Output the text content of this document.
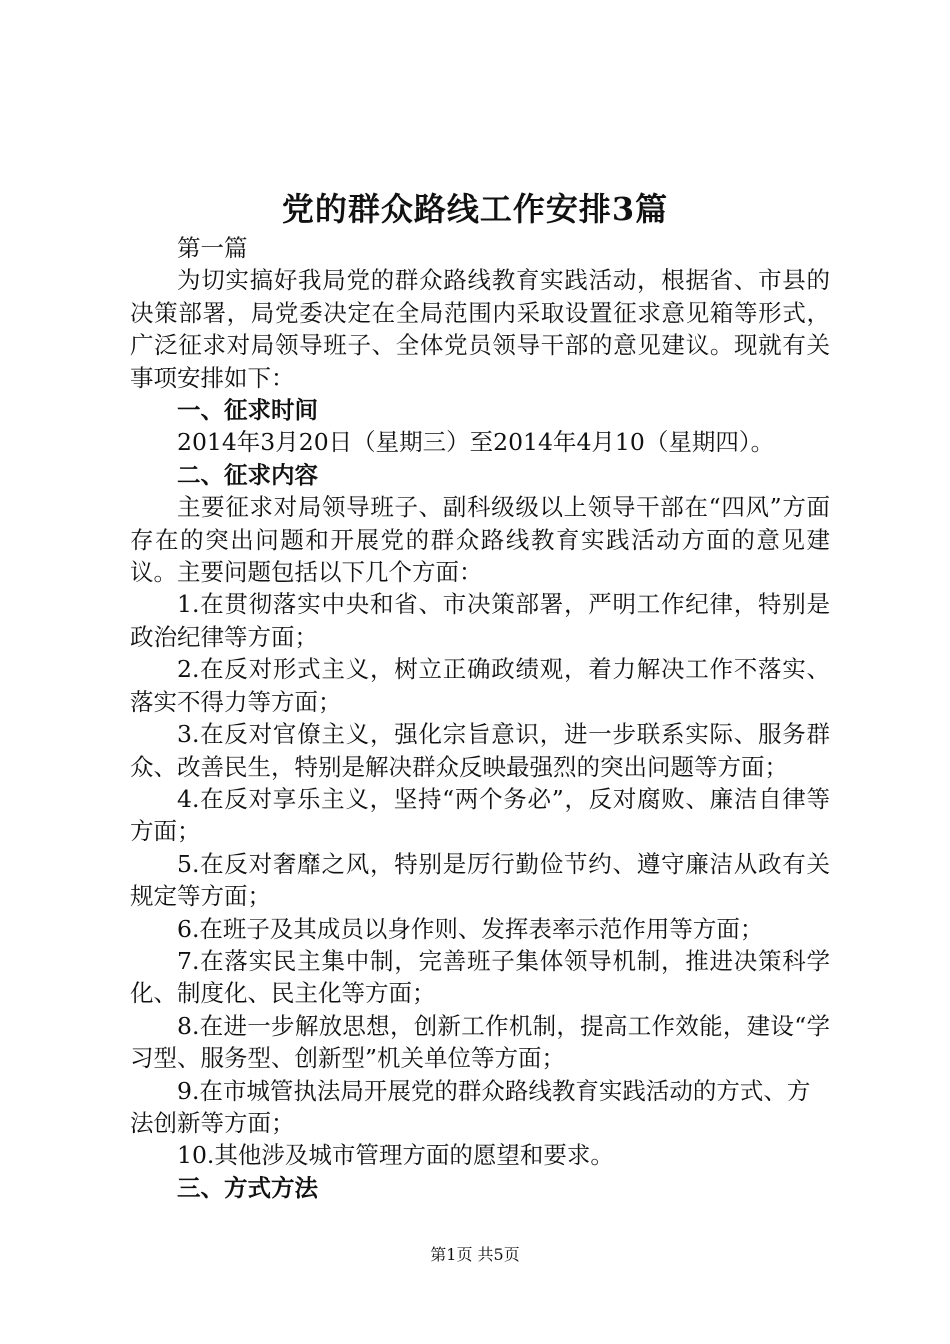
党的群众路线工作安排3篇

第一篇

为切实搞好我局党的群众路线教育实践活动，根据省、市县的决策部署，局党委决定在全局范围内采取设置征求意见箱等形式，广泛征求对局领导班子、全体党员领导干部的意见建议。现就有关事项安排如下：

一、征求时间

2014年3月20日（星期三）至2014年4月10（星期四）。

二、征求内容

主要征求对局领导班子、副科级级以上领导干部在“四风”方面存在的突出问题和开展党的群众路线教育实践活动方面的意见建议。主要问题包括以下几个方面：

1.在贯彻落实中央和省、市决策部署，严明工作纪律，特别是政治纪律等方面；

2.在反对形式主义，树立正确政绩观，着力解决工作不落实、落实不得力等方面；

3.在反对官僚主义，强化宗旨意识，进一步联系实际、服务群众、改善民生，特别是解决群众反映最强烈的突出问题等方面；

4.在反对享乐主义，坚持“两个务必”，反对腐败、廉洁自律等方面；

5.在反对奢靡之风，特别是厉行勤俭节约、遵守廉洁从政有关规定等方面；

6.在班子及其成员以身作则、发挥表率示范作用等方面；

7.在落实民主集中制，完善班子集体领导机制，推进决策科学化、制度化、民主化等方面；

8.在进一步解放思想，创新工作机制，提高工作效能，建设“学习型、服务型、创新型”机关单位等方面；

9.在市城管执法局开展党的群众路线教育实践活动的方式、方法创新等方面；

10.其他涉及城市管理方面的愿望和要求。

三、方式方法

第1页 共5页
